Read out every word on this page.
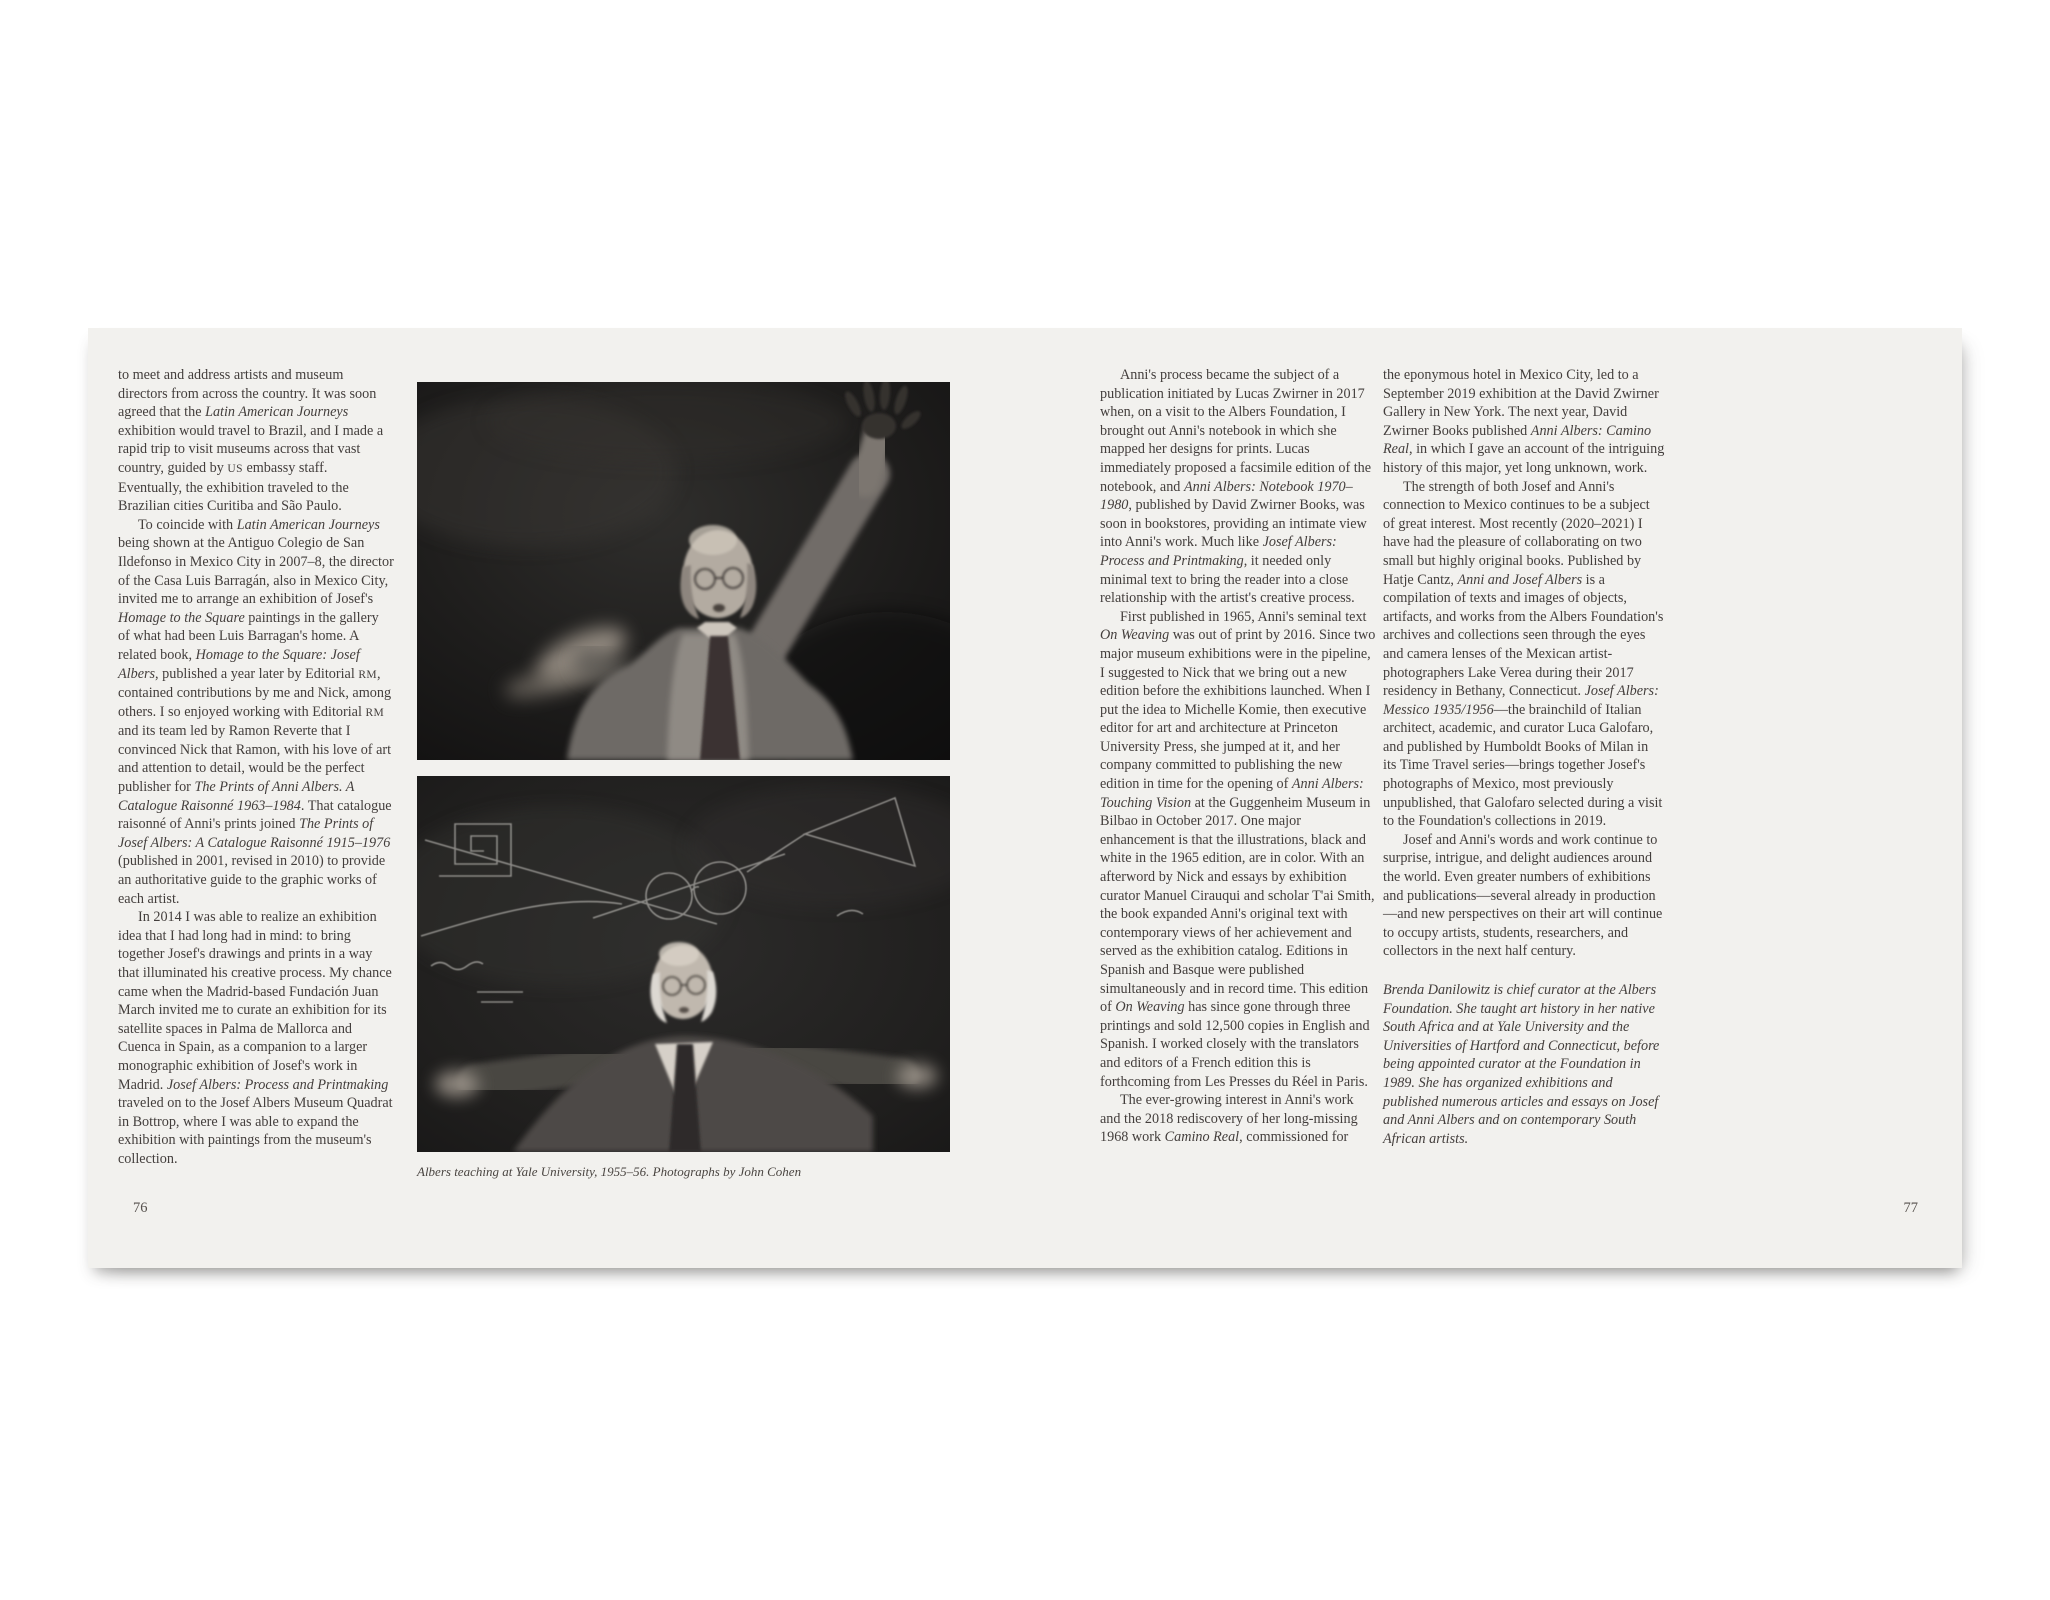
to meet and address artists and museum directors from across the country. It was soon agreed that the Latin American Journeys exhibition would travel to Brazil, and I made a rapid trip to visit museums across that vast country, guided by US embassy staff. Eventually, the exhibition traveled to the Brazilian cities Curitiba and São Paulo.

To coincide with Latin American Journeys being shown at the Antiguo Colegio de San Ildefonso in Mexico City in 2007–8, the director of the Casa Luis Barragán, also in Mexico City, invited me to arrange an exhibition of Josef's Homage to the Square paintings in the gallery of what had been Luis Barragan's home. A related book, Homage to the Square: Josef Albers, published a year later by Editorial RM, contained contributions by me and Nick, among others. I so enjoyed working with Editorial RM and its team led by Ramon Reverte that I convinced Nick that Ramon, with his love of art and attention to detail, would be the perfect publisher for The Prints of Anni Albers. A Catalogue Raisonné 1963–1984. That catalogue raisonné of Anni's prints joined The Prints of Josef Albers: A Catalogue Raisonné 1915–1976 (published in 2001, revised in 2010) to provide an authoritative guide to the graphic works of each artist.

In 2014 I was able to realize an exhibition idea that I had long had in mind: to bring together Josef's drawings and prints in a way that illuminated his creative process. My chance came when the Madrid-based Fundación Juan March invited me to curate an exhibition for its satellite spaces in Palma de Mallorca and Cuenca in Spain, as a companion to a larger monographic exhibition of Josef's work in Madrid. Josef Albers: Process and Printmaking traveled on to the Josef Albers Museum Quadrat in Bottrop, where I was able to expand the exhibition with paintings from the museum's collection.

Albers teaching at Yale University, 1955–56. Photographs by John Cohen
76

Anni's process became the subject of a publication initiated by Lucas Zwirner in 2017 when, on a visit to the Albers Foundation, I brought out Anni's notebook in which she mapped her designs for prints. Lucas immediately proposed a facsimile edition of the notebook, and Anni Albers: Notebook 1970–1980, published by David Zwirner Books, was soon in bookstores, providing an intimate view into Anni's work. Much like Josef Albers: Process and Printmaking, it needed only minimal text to bring the reader into a close relationship with the artist's creative process.

First published in 1965, Anni's seminal text On Weaving was out of print by 2016. Since two major museum exhibitions were in the pipeline, I suggested to Nick that we bring out a new edition before the exhibitions launched. When I put the idea to Michelle Komie, then executive editor for art and architecture at Princeton University Press, she jumped at it, and her company committed to publishing the new edition in time for the opening of Anni Albers: Touching Vision at the Guggenheim Museum in Bilbao in October 2017. One major enhancement is that the illustrations, black and white in the 1965 edition, are in color. With an afterword by Nick and essays by exhibition curator Manuel Cirauqui and scholar T'ai Smith, the book expanded Anni's original text with contemporary views of her achievement and served as the exhibition catalog. Editions in Spanish and Basque were published simultaneously and in record time. This edition of On Weaving has since gone through three printings and sold 12,500 copies in English and Spanish. I worked closely with the translators and editors of a French edition this is forthcoming from Les Presses du Réel in Paris.

The ever-growing interest in Anni's work and the 2018 rediscovery of her long-missing 1968 work Camino Real, commissioned for

the eponymous hotel in Mexico City, led to a September 2019 exhibition at the David Zwirner Gallery in New York. The next year, David Zwirner Books published Anni Albers: Camino Real, in which I gave an account of the intriguing history of this major, yet long unknown, work.

The strength of both Josef and Anni's connection to Mexico continues to be a subject of great interest. Most recently (2020–2021) I have had the pleasure of collaborating on two small but highly original books. Published by Hatje Cantz, Anni and Josef Albers is a compilation of texts and images of objects, artifacts, and works from the Albers Foundation's archives and collections seen through the eyes and camera lenses of the Mexican artist-photographers Lake Verea during their 2017 residency in Bethany, Connecticut. Josef Albers: Messico 1935/1956—the brainchild of Italian architect, academic, and curator Luca Galofaro, and published by Humboldt Books of Milan in its Time Travel series—brings together Josef's photographs of Mexico, most previously unpublished, that Galofaro selected during a visit to the Foundation's collections in 2019.

Josef and Anni's words and work continue to surprise, intrigue, and delight audiences around the world. Even greater numbers of exhibitions and publications—several already in production—and new perspectives on their art will continue to occupy artists, students, researchers, and collectors in the next half century.

Brenda Danilowitz is chief curator at the Albers Foundation. She taught art history in her native South Africa and at Yale University and the Universities of Hartford and Connecticut, before being appointed curator at the Foundation in 1989. She has organized exhibitions and published numerous articles and essays on Josef and Anni Albers and on contemporary South African artists.

77
